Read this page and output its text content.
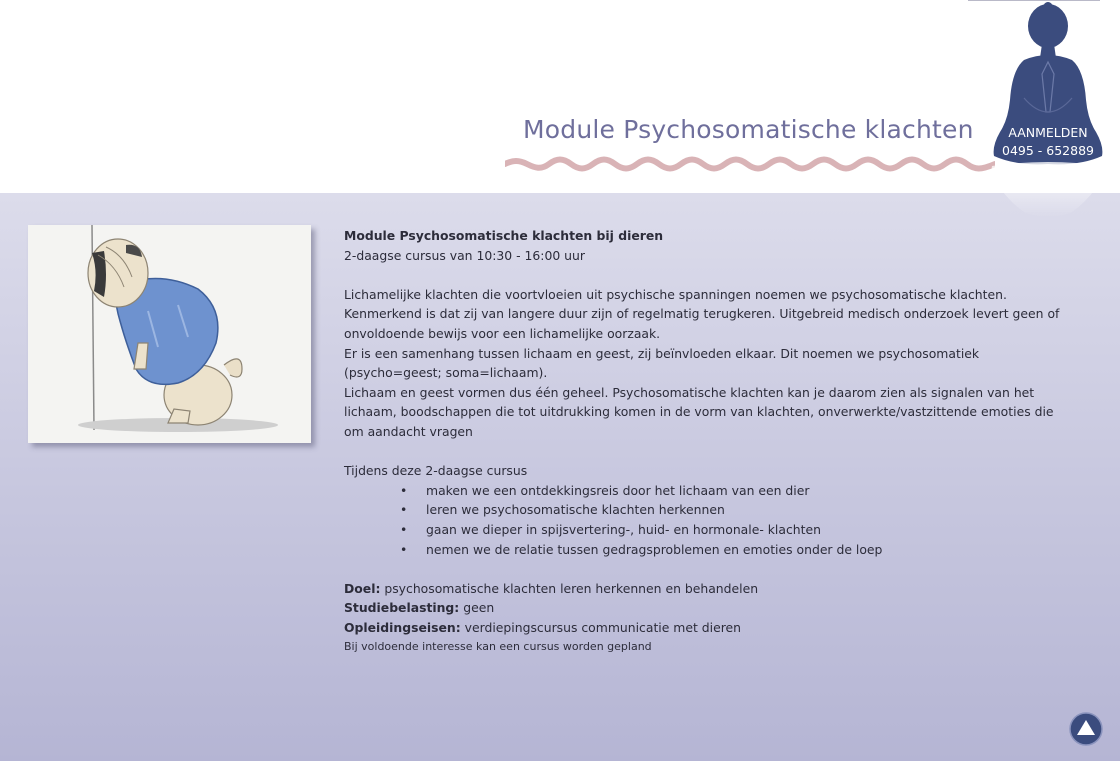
Module Psychosomatische klachten	AANMELDEN
0495 - 652889

Module Psychosomatische klachten bij dieren

2-daagse cursus van 10:30 - 16:00 uur

Lichamelijke klachten die voortvloeien uit psychische spanningen noemen we psychosomatische klachten.

Kenmerkend is dat zij van langere duur zijn of regelmatig terugkeren. Uitgebreid medisch onderzoek levert geen of onvoldoende bewijs voor een lichamelijke oorzaak.

Er is een samenhang tussen lichaam en geest, zij beïnvloeden elkaar. Dit noemen we psychosomatiek (psycho=geest; soma=lichaam).

Lichaam en geest vormen dus één geheel. Psychosomatische klachten kan je daarom zien als signalen van het lichaam, boodschappen die tot uitdrukking komen in de vorm van klachten, onverwerkte/vastzittende emoties die om aandacht vragen

Tijdens deze 2-daagse cursus

• maken we een ontdekkingsreis door het lichaam van een dier
• leren we psychosomatische klachten herkennen
• gaan we dieper in spijsvertering-, huid- en hormonale- klachten
• nemen we de relatie tussen gedragsproblemen en emoties onder de loep

Doel: psychosomatische klachten leren herkennen en behandelen

Studiebelasting: geen

Opleidingseisen: verdiepingscursus communicatie met dieren

Bij voldoende interesse kan een cursus worden gepland
